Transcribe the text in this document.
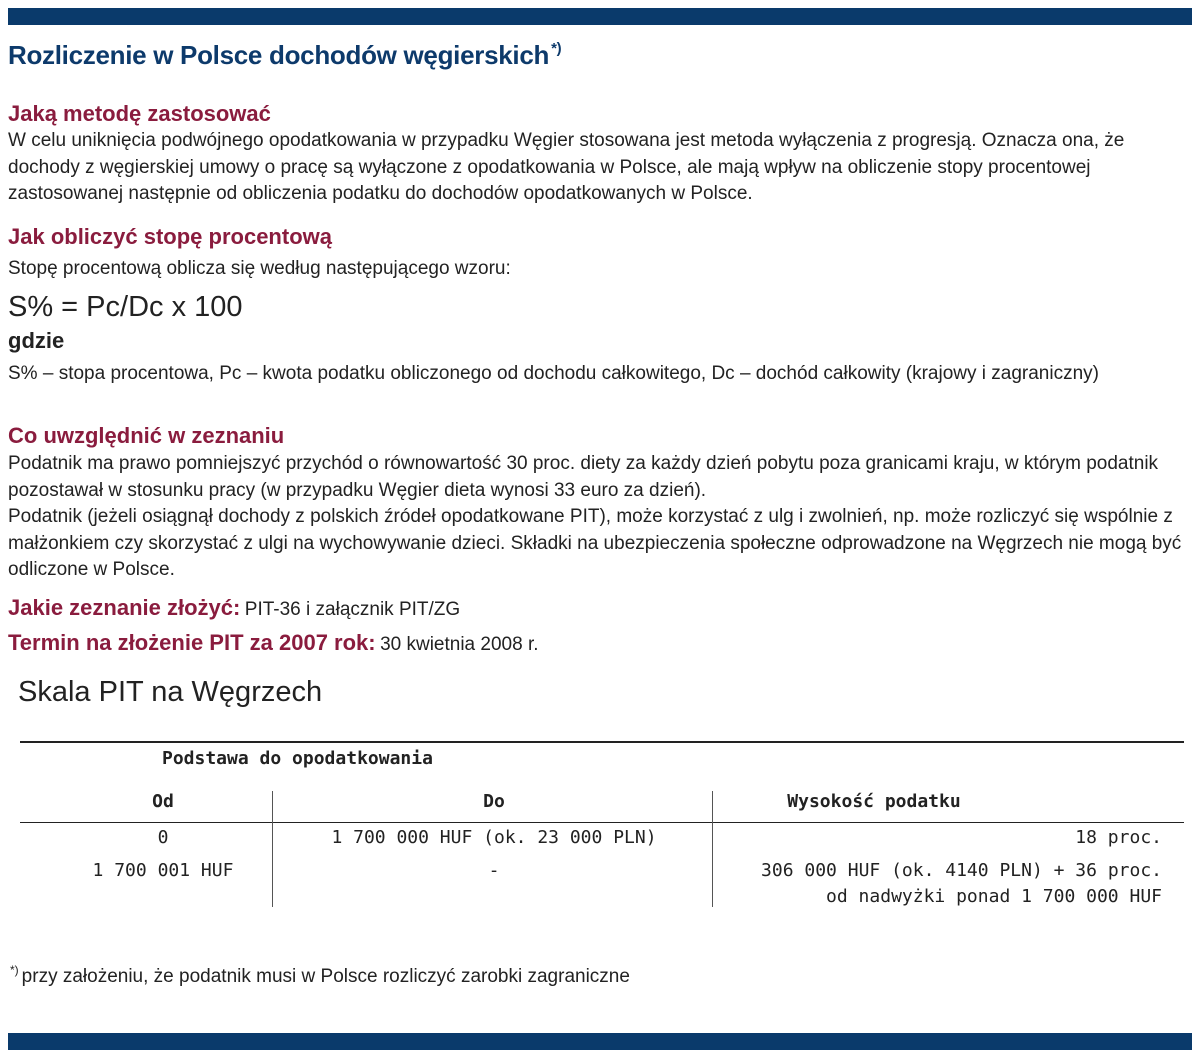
Rozliczenie w Polsce dochodów węgierskich *)
Jaką metodę zastosować

W celu uniknięcia podwójnego opodatkowania w przypadku Węgier stosowana jest metoda wyłączenia z progresją. Oznacza ona, że dochody z węgierskiej umowy o pracę są wyłączone z opodatkowania w Polsce, ale mają wpływ na obliczenie stopy procentowej zastosowanej następnie od obliczenia podatku do dochodów opodatkowanych w Polsce.

Jak obliczyć stopę procentową

Stopę procentową oblicza się według następującego wzoru:

S% = Pc/Dc x 100

gdzie

S% – stopa procentowa, Pc – kwota podatku obliczonego od dochodu całkowitego, Dc – dochód całkowity (krajowy i zagraniczny)

Co uwzględnić w zeznaniu

Podatnik ma prawo pomniejszyć przychód o równowartość 30 proc. diety za każdy dzień pobytu poza granicami kraju, w którym podatnik pozostawał w stosunku pracy (w przypadku Węgier dieta wynosi 33 euro za dzień).

Podatnik (jeżeli osiągnął dochody z polskich źródeł opodatkowane PIT), może korzystać z ulg i zwolnień, np. może rozliczyć się wspólnie z małżonkiem czy skorzystać z ulgi na wychowywanie dzieci. Składki na ubezpieczenia społeczne odprowadzone na Węgrzech nie mogą być odliczone w Polsce.

Jakie zeznanie złożyć: PIT-36 i załącznik PIT/ZG

Termin na złożenie PIT za 2007 rok: 30 kwietnia 2008 r.

Skala PIT na Węgrzech

Podstawa do opodatkowania

Od	Do	Wysokość podatku

0	1 700 000 HUF (ok. 23 000 PLN)	18 proc.

1 700 001 HUF	-	306 000 HUF (ok. 4140 PLN) + 36 proc.

od nadwyżki ponad 1 700 000 HUF

*) przy założeniu, że podatnik musi w Polsce rozliczyć zarobki zagraniczne
